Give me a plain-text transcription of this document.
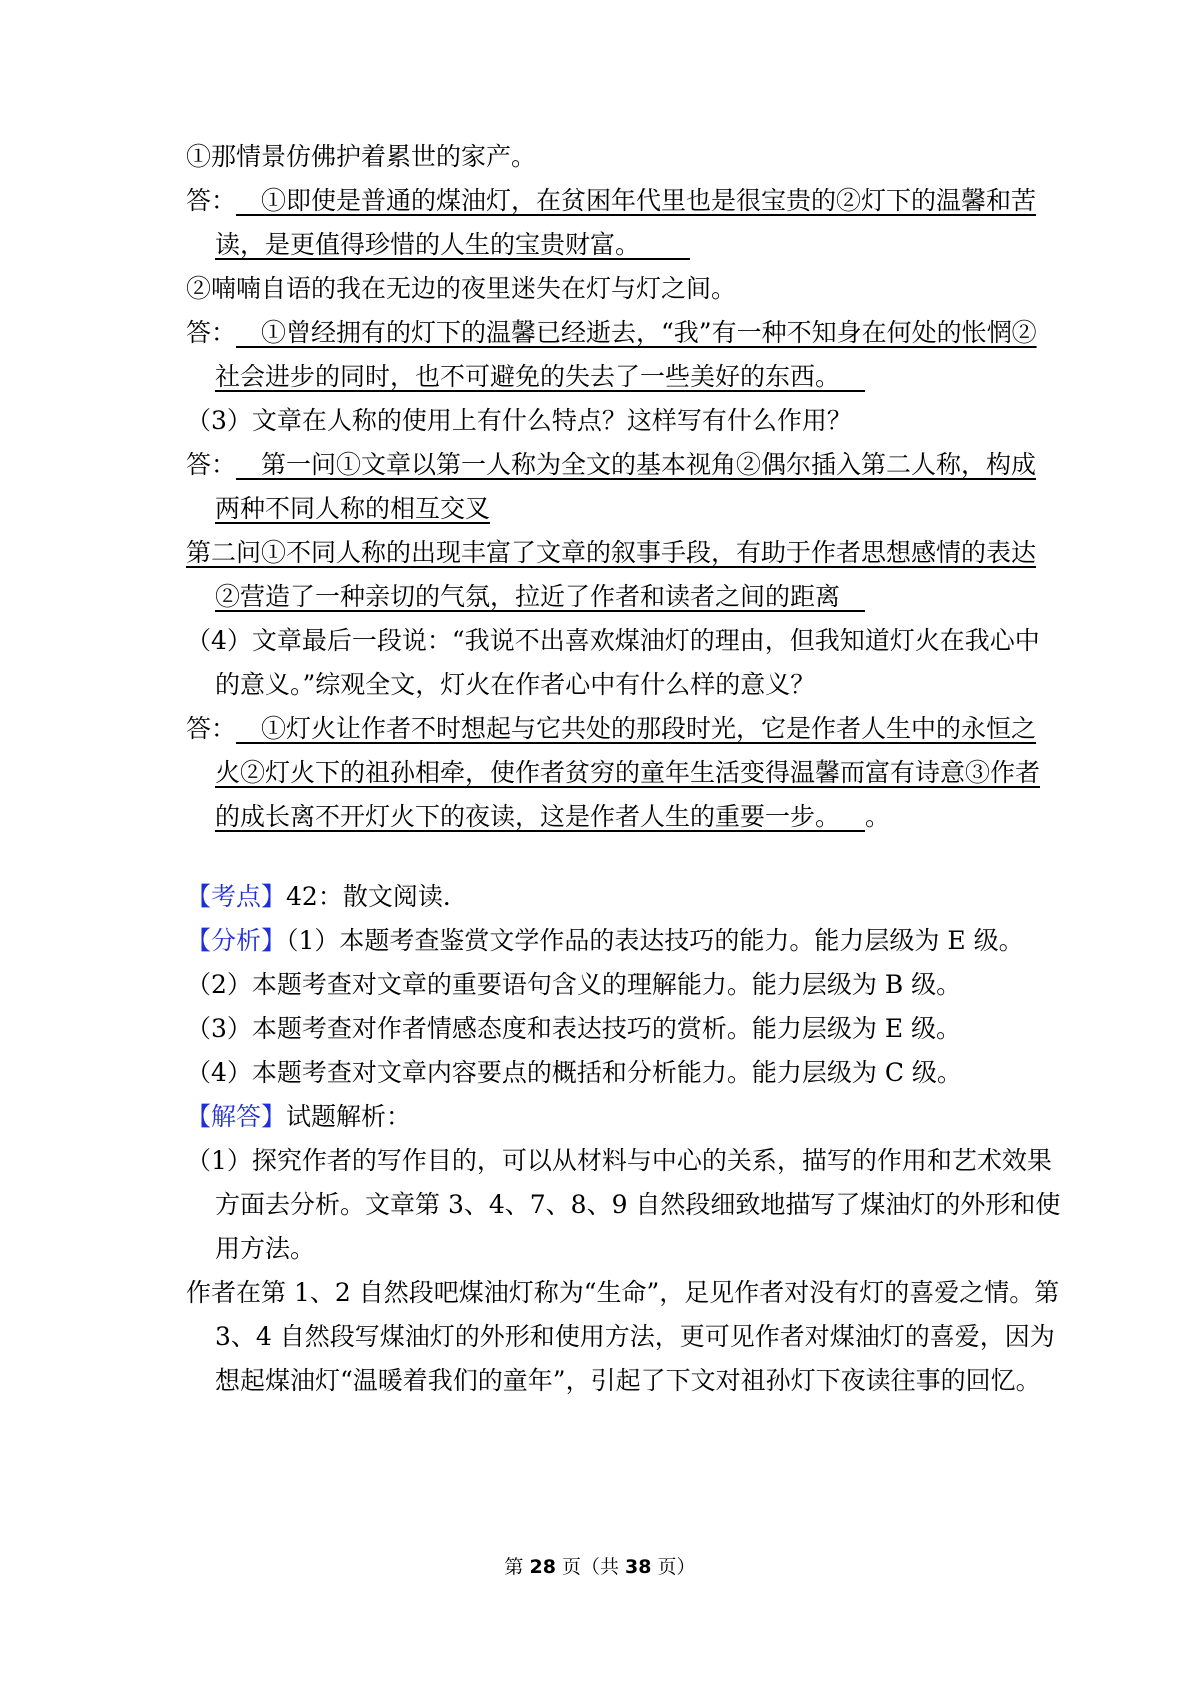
①那情景仿佛护着累世的家产。
答：  ①即使是普通的煤油灯，在贫困年代里也是很宝贵的②灯下的温馨和苦
读，是更值得珍惜的人生的宝贵财富。  
②喃喃自语的我在无边的夜里迷失在灯与灯之间。
答：  ①曾经拥有的灯下的温馨已经逝去，“我”有一种不知身在何处的怅惘②
社会进步的同时，也不可避免的失去了一些美好的东西。 
（3）文章在人称的使用上有什么特点？这样写有什么作用？
答：  第一问①文章以第一人称为全文的基本视角②偶尔插入第二人称，构成
两种不同人称的相互交叉
第二问①不同人称的出现丰富了文章的叙事手段，有助于作者思想感情的表达
②营造了一种亲切的气氛，拉近了作者和读者之间的距离 
（4）文章最后一段说：“我说不出喜欢煤油灯的理由，但我知道灯火在我心中
的意义。”综观全文，灯火在作者心中有什么样的意义？
答：  ①灯火让作者不时想起与它共处的那段时光，它是作者人生中的永恒之
火②灯火下的祖孙相牵，使作者贫穷的童年生活变得温馨而富有诗意③作者
的成长离不开灯火下的夜读，这是作者人生的重要一步。  。
【考点】42：散文阅读．
【分析】（1）本题考查鉴赏文学作品的表达技巧的能力。能力层级为 E 级。
（2）本题考查对文章的重要语句含义的理解能力。能力层级为 B 级。
（3）本题考查对作者情感态度和表达技巧的赏析。能力层级为 E 级。
（4）本题考查对文章内容要点的概括和分析能力。能力层级为 C 级。
【解答】试题解析：
（1）探究作者的写作目的，可以从材料与中心的关系，描写的作用和艺术效果
方面去分析。文章第 3、4、7、8、9 自然段细致地描写了煤油灯的外形和使
用方法。
作者在第 1、2 自然段吧煤油灯称为“生命”，足见作者对没有灯的喜爱之情。第
3、4 自然段写煤油灯的外形和使用方法，更可见作者对煤油灯的喜爱，因为
想起煤油灯“温暖着我们的童年”，引起了下文对祖孙灯下夜读往事的回忆。
第 28 页（共 38 页）
